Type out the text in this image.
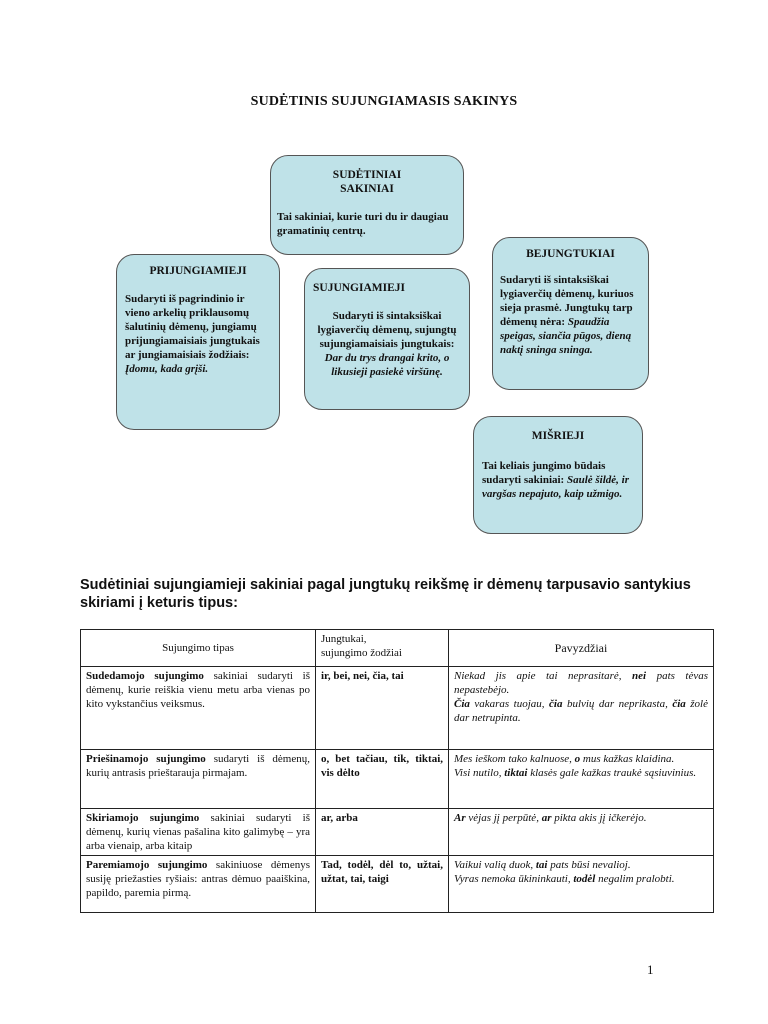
SUDĖTINIS SUJUNGIAMASIS SAKINYS
SUDĖTINIAI
SAKINIAI
Tai sakiniai, kurie turi du ir daugiau gramatinių centrų.
PRIJUNGIAMIEJI
Sudaryti iš pagrindinio ir vieno arkelių priklausomų šalutinių dėmenų, jungiamų prijungiamaisiais jungtukais ar jungiamaisiais žodžiais: Įdomu, kada grįši.
SUJUNGIAMIEJI
Sudaryti iš sintaksiškai lygiaverčių dėmenų, sujungtų sujungiamaisiais jungtukais: Dar du trys drangai krito, o likusieji pasiekė viršūnę.
BEJUNGTUKIAI
Sudaryti iš sintaksiškai lygiaverčių dėmenų, kuriuos sieja prasmė. Jungtukų tarp dėmenų nėra: Spaudžia speigas, siančia pūgos, dieną naktį sninga sninga.
MIŠRIEJI
Tai keliais jungimo būdais sudaryti sakiniai: Saulė šildė, ir vargšas nepajuto, kaip užmigo.
Sudėtiniai sujungiamieji sakiniai pagal jungtukų reikšmę ir dėmenų tarpusavio santykius skiriami į keturis tipus:
Sujungimo tipas	Jungtukai,
sujungimo žodžiai	Pavyzdžiai
Sudedamojo sujungimo sakiniai sudaryti iš dėmenų, kurie reiškia vienu metu arba vienas po kito vykstančius veiksmus.	ir, bei, nei, čia, tai	Niekad jis apie tai neprasitarė, nei pats tėvas nepastebėjo.
Čia vakaras tuojau, čia bulvių dar neprikasta, čia žolė dar netrupinta.

Priešinamojo sujungimo sudaryti iš dėmenų, kurių antrasis prieštarauja pirmajam.	o, bet tačiau, tik, tiktai, vis dėlto	Mes ieškom tako kalnuose, o mus kažkas klaidina.
Visi nutilo, tiktai klasės gale kažkas traukė sąsiuvinius.

Skiriamojo sujungimo sakiniai sudaryti iš dėmenų, kurių vienas pašalina kito galimybę – yra arba vienaip, arba kitaip	ar, arba	Ar vėjas jį perpūtė, ar pikta akis jį ičkerėjo.

Paremiamojo sujungimo sakiniuose dėmenys susiję priežasties ryšiais: antras dėmuo paaiškina, papildo, paremia pirmą.	Tad, todėl, dėl to, užtai, užtat, tai, taigi	Vaikui valią duok, tai pats būsi nevalioj.
Vyras nemoka ūkininkauti, todėl negalim pralobti.
1
